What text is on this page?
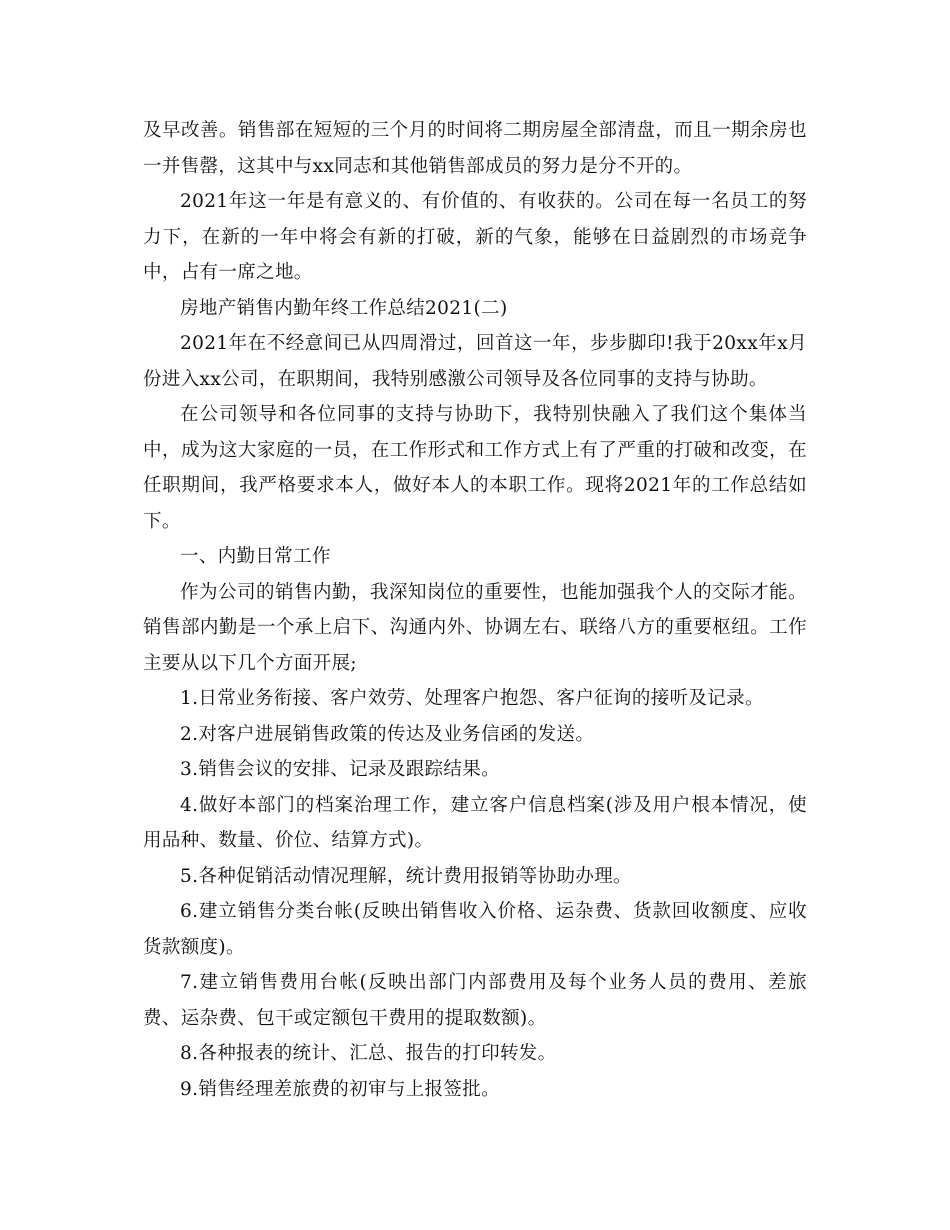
及早改善。销售部在短短的三个月的时间将二期房屋全部清盘，而且一期余房也一并售罄，这其中与xx同志和其他销售部成员的努力是分不开的。

2021年这一年是有意义的、有价值的、有收获的。公司在每一名员工的努力下，在新的一年中将会有新的打破，新的气象，能够在日益剧烈的市场竞争中，占有一席之地。

房地产销售内勤年终工作总结2021(二)

2021年在不经意间已从四周滑过，回首这一年，步步脚印!我于20xx年x月份进入xx公司，在职期间，我特别感激公司领导及各位同事的支持与协助。

在公司领导和各位同事的支持与协助下，我特别快融入了我们这个集体当中，成为这大家庭的一员，在工作形式和工作方式上有了严重的打破和改变，在任职期间，我严格要求本人，做好本人的本职工作。现将2021年的工作总结如下。

一、内勤日常工作

作为公司的销售内勤，我深知岗位的重要性，也能加强我个人的交际才能。销售部内勤是一个承上启下、沟通内外、协调左右、联络八方的重要枢纽。工作主要从以下几个方面开展;

1.日常业务衔接、客户效劳、处理客户抱怨、客户征询的接听及记录。

2.对客户进展销售政策的传达及业务信函的发送。

3.销售会议的安排、记录及跟踪结果。

4.做好本部门的档案治理工作，建立客户信息档案(涉及用户根本情况，使用品种、数量、价位、结算方式)。

5.各种促销活动情况理解，统计费用报销等协助办理。

6.建立销售分类台帐(反映出销售收入价格、运杂费、货款回收额度、应收货款额度)。

7.建立销售费用台帐(反映出部门内部费用及每个业务人员的费用、差旅费、运杂费、包干或定额包干费用的提取数额)。

8.各种报表的统计、汇总、报告的打印转发。

9.销售经理差旅费的初审与上报签批。
